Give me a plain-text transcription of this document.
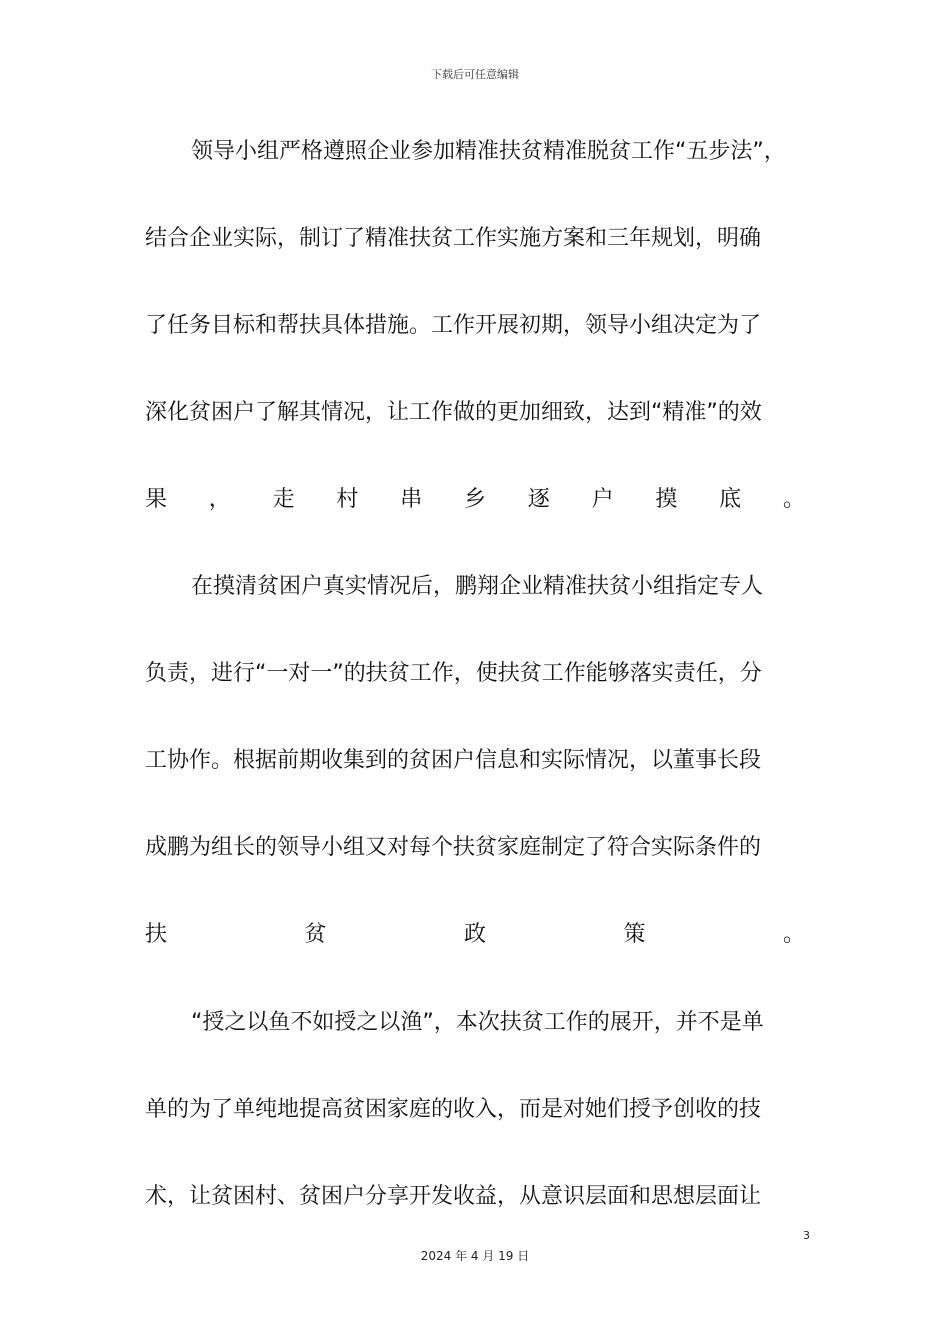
下载后可任意编辑
领导小组严格遵照企业参加精准扶贫精准脱贫工作“五步法”，
结合企业实际，制订了精准扶贫工作实施方案和三年规划，明确
了任务目标和帮扶具体措施。工作开展初期，领导小组决定为了
深化贫困户了解其情况，让工作做的更加细致，达到“精准”的效
果 ， 走 村 串 乡 逐 户 摸 底 。
在摸清贫困户真实情况后，鹏翔企业精准扶贫小组指定专人
负责，进行“一对一”的扶贫工作，使扶贫工作能够落实责任，分
工协作。根据前期收集到的贫困户信息和实际情况，以董事长段
成鹏为组长的领导小组又对每个扶贫家庭制定了符合实际条件的
扶	贫	政	策	。
“授之以鱼不如授之以渔”，本次扶贫工作的展开，并不是单
单的为了单纯地提高贫困家庭的收入，而是对她们授予创收的技
术，让贫困村、贫困户分享开发收益，从意识层面和思想层面让
3
2024 年 4 月 19 日
